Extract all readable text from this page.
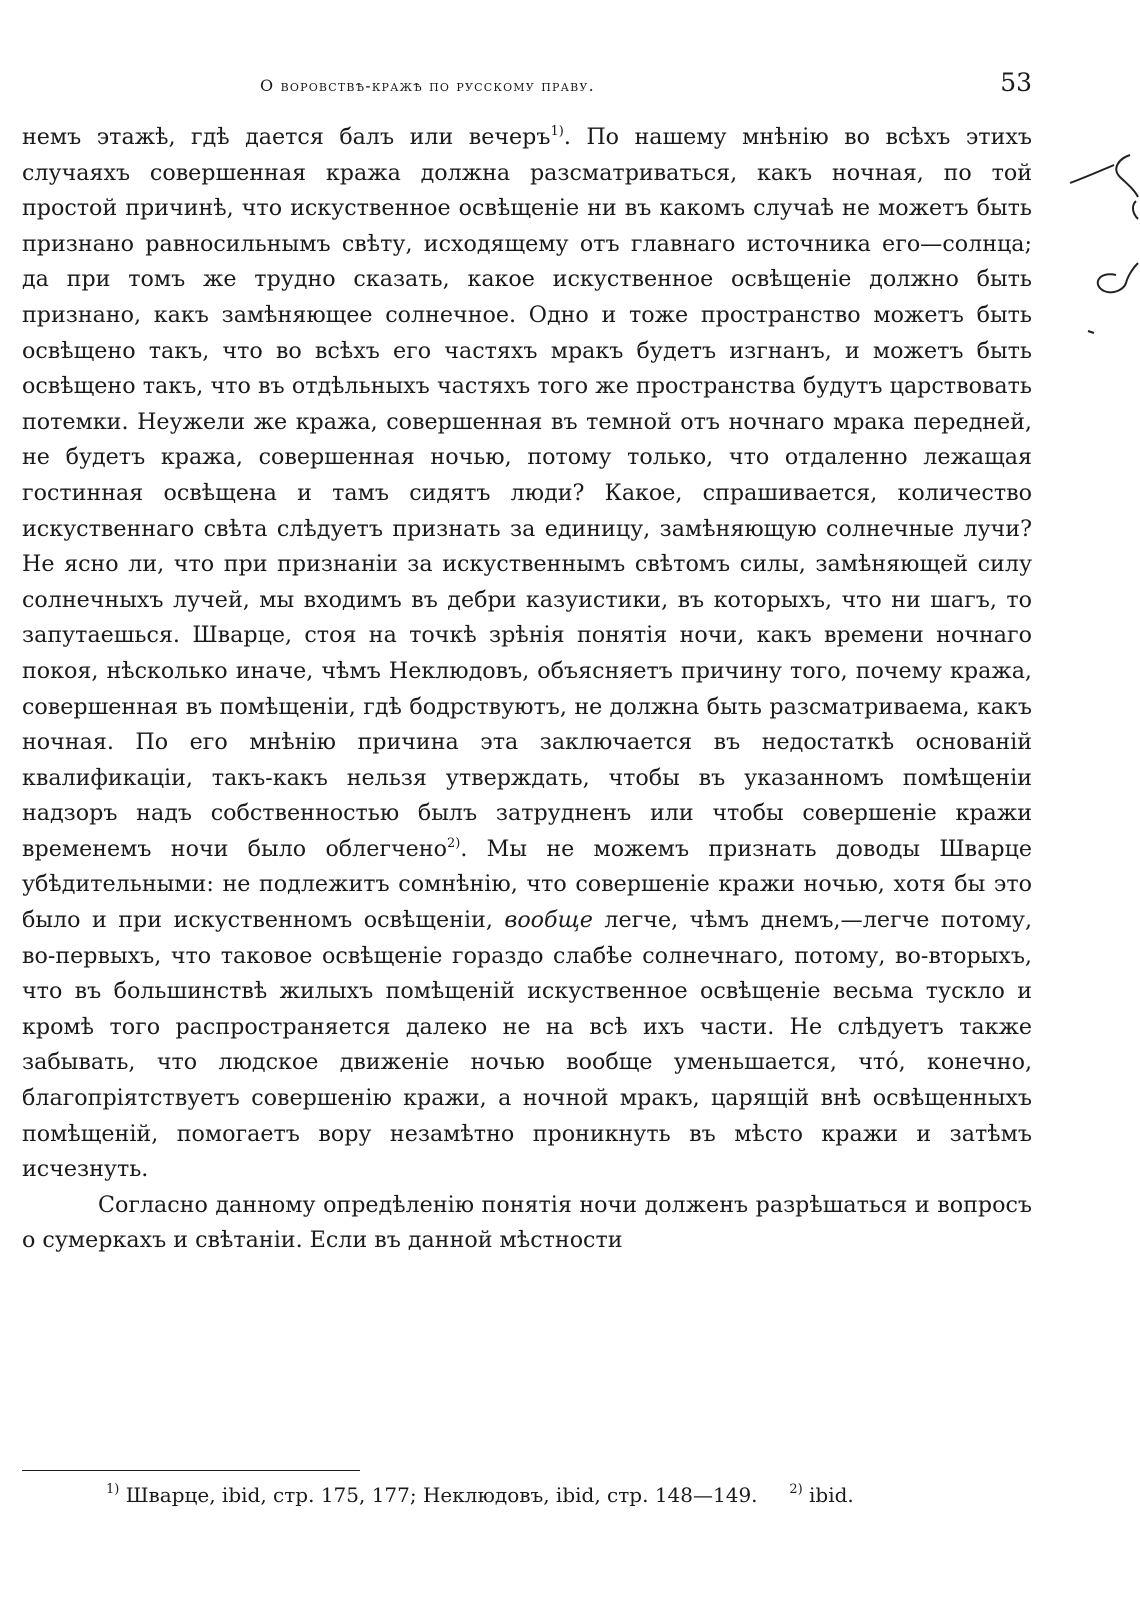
О воровствѣ-кражѣ по русскому праву.	53

немъ этажѣ, гдѣ дается балъ или вечеръ$^{1)}$. По нашему мнѣнію во всѣхъ этихъ случаяхъ совершенная кража должна разсматриваться, какъ ночная, по той простой причинѣ, что искуственное освѣщеніе ни въ какомъ случаѣ не можетъ быть признано равносильнымъ свѣту, исходящему отъ главнаго источника его—солнца; да при томъ же трудно сказать, какое искуственное освѣщеніе должно быть признано, какъ замѣняющее солнечное. Одно и тоже пространство можетъ быть освѣщено такъ, что во всѣхъ его частяхъ мракъ будетъ изгнанъ, и можетъ быть освѣщено такъ, что въ отдѣльныхъ частяхъ того же пространства будутъ царствовать потемки. Неужели же кража, совершенная въ темной отъ ночнаго мрака передней, не будетъ кража, совершенная ночью, потому только, что отдаленно лежащая гостинная освѣщена и тамъ сидятъ люди? Какое, спрашивается, количество искуственнаго свѣта слѣдуетъ признать за единицу, замѣняющую солнечные лучи? Не ясно ли, что при признаніи за искуственнымъ свѣтомъ силы, замѣняющей силу солнечныхъ лучей, мы входимъ въ дебри казуистики, въ которыхъ, что ни шагъ, то запутаешься. Шварце, стоя на точкѣ зрѣнія понятія ночи, какъ времени ночнаго покоя, нѣсколько иначе, чѣмъ Неклюдовъ, объясняетъ причину того, почему кража, совершенная въ помѣщеніи, гдѣ бодрствуютъ, не должна быть разсматриваема, какъ ночная. По его мнѣнію причина эта заключается въ недостаткѣ основаній квалификаціи, такъ-какъ нельзя утверждать, чтобы въ указанномъ помѣщеніи надзоръ надъ собственностью былъ затрудненъ или чтобы совершеніе кражи временемъ ночи было облегчено$^{2)}$. Мы не можемъ признать доводы Шварце убѣдительными: не подлежитъ сомнѣнію, что совершеніе кражи ночью, хотя бы это было и при искуственномъ освѣщеніи, вообще легче, чѣмъ днемъ,—легче потому, во-первыхъ, что таковое освѣщеніе гораздо слабѣе солнечнаго, потому, во-вторыхъ, что въ большинствѣ жилыхъ помѣщеній искуственное освѣщеніе весьма тускло и кромѣ того распространяется далеко не на всѣ ихъ части. Не слѣдуетъ также забывать, что людское движеніе ночью вообще уменьшается, что́, конечно, благопріятствуетъ совершенію кражи, а ночной мракъ, царящій внѣ освѣщенныхъ помѣщеній, помогаетъ вору незамѣтно проникнуть въ мѣсто кражи и затѣмъ исчезнуть.

Согласно данному опредѣленію понятія ночи долженъ разрѣшаться и вопросъ о сумеркахъ и свѣтаніи. Если въ данной мѣстности

$^{1)}$ Шварце, ibid, стр. 175, 177; Неклюдовъ, ibid, стр. 148—149. $^{2)}$ ibid.
